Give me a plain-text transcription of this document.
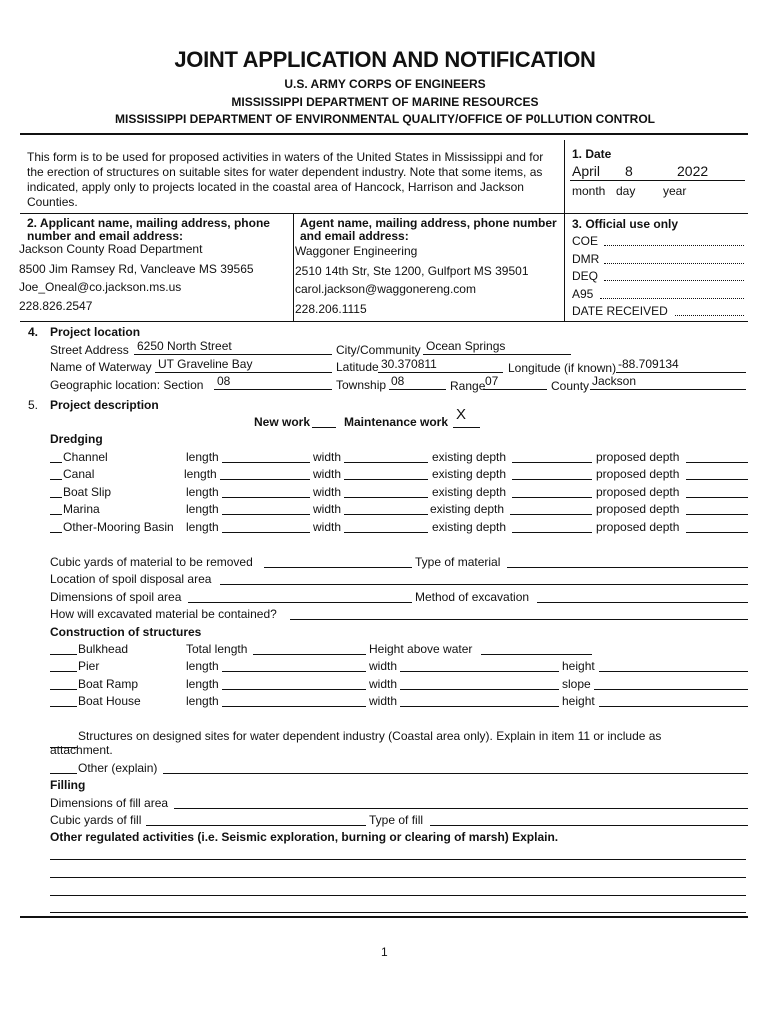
JOINT APPLICATION AND NOTIFICATION
U.S. ARMY CORPS OF ENGINEERS
MISSISSIPPI DEPARTMENT OF MARINE RESOURCES
MISSISSIPPI DEPARTMENT OF ENVIRONMENTAL QUALITY/OFFICE OF P0LLUTION CONTROL
This form is to be used for proposed activities in waters of the United States in Mississippi and for the erection of structures on suitable sites for water dependent industry. Note that some items, as indicated, apply only to projects located in the coastal area of Hancock, Harrison and Jackson Counties.
1. Date
April 8	2022
month day year
2. Applicant name, mailing address, phone
number and email address:
Jackson County Road Department
8500 Jim Ramsey Rd, Vancleave MS 39565
Joe_Oneal@co.jackson.ms.us
228.826.2547
Agent name, mailing address, phone number
and email address:
Waggoner Engineering
2510 14th Str, Ste 1200, Gulfport MS 39501
carol.jackson@waggonereng.com
228.206.1115
3. Official use only
COE
DMR
DEQ
A95
DATE RECEIVED
4. Project location
Street Address 6250 North Street	City/Community Ocean Springs
Name of Waterway UT Graveline Bay	Latitude 30.370811	Longitude (if known) -88.709134
Geographic location: Section 08	Township 08	Range 07	County Jackson
5. Project description
New work	Maintenance work X
Dredging
Channel	length	width	existing depth	proposed depth
Canal	length	width	existing depth	proposed depth
Boat Slip	length	width	existing depth	proposed depth
Marina	length	width	existing depth	proposed depth
Other-Mooring Basin length	width	existing depth	proposed depth
Cubic yards of material to be removed	Type of material
Location of spoil disposal area
Dimensions of spoil area	Method of excavation
How will excavated material be contained?
Construction of structures
Bulkhead	Total length	Height above water
Pier	length	width	height
Boat Ramp	length	width	slope
Boat House	length	width	height
Structures on designed sites for water dependent industry (Coastal area only). Explain in item 11 or include as
attachment.
Other (explain)
Filling
Dimensions of fill area
Cubic yards of fill	Type of fill
Other regulated activities (i.e. Seismic exploration, burning or clearing of marsh) Explain.
1
